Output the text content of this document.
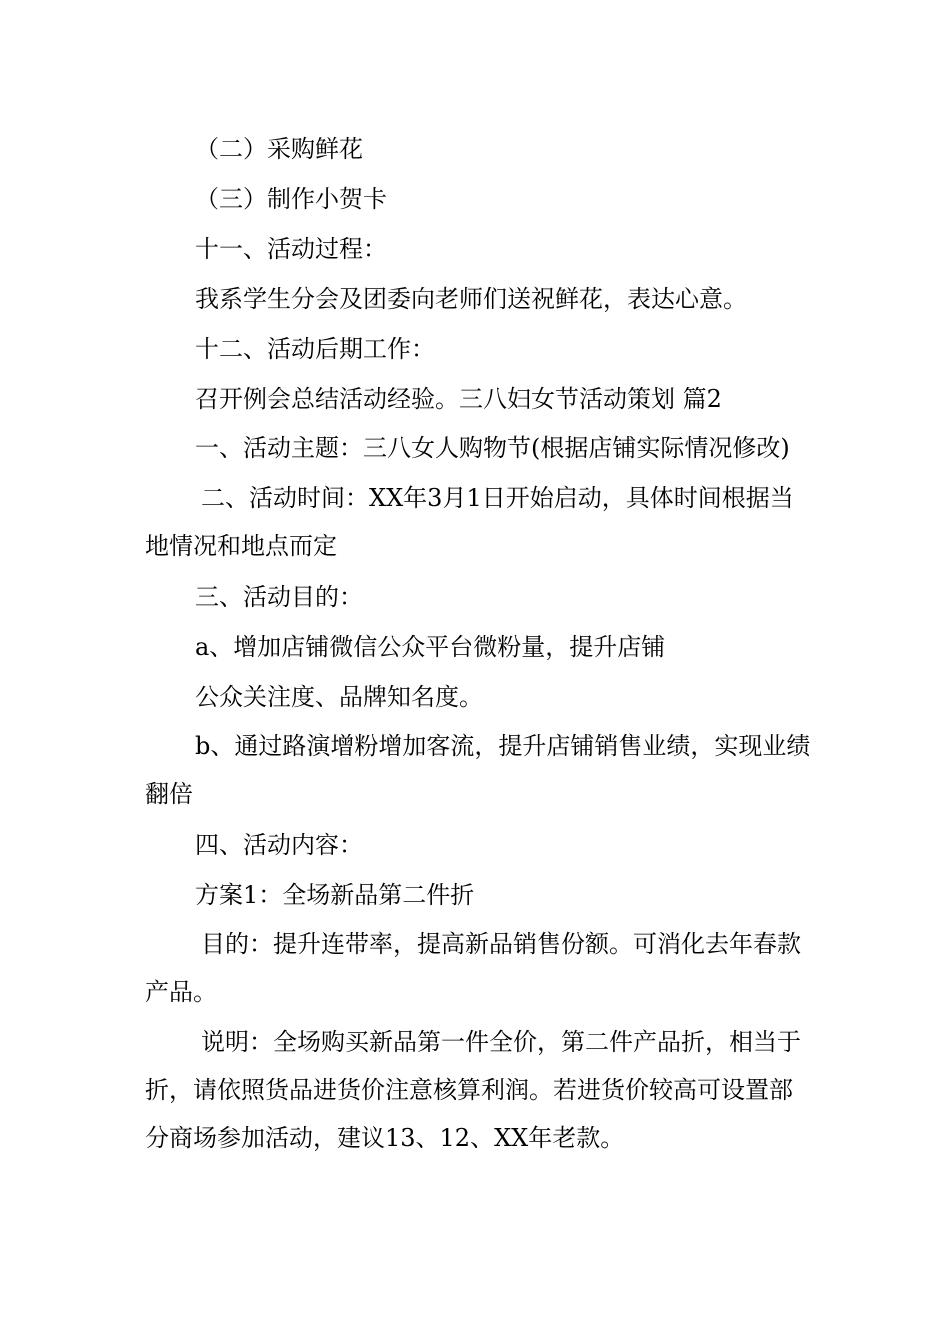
（二）采购鲜花

（三）制作小贺卡

十一、活动过程：

我系学生分会及团委向老师们送祝鲜花，表达心意。

十二、活动后期工作：

召开例会总结活动经验。三八妇女节活动策划 篇2

一、活动主题：三八女人购物节(根据店铺实际情况修改)

二、活动时间：XX年3月1日开始启动，具体时间根据当地情况和地点而定

三、活动目的：

a、增加店铺微信公众平台微粉量，提升店铺

公众关注度、品牌知名度。

b、通过路演增粉增加客流，提升店铺销售业绩，实现业绩翻倍

四、活动内容：

方案1：全场新品第二件折

目的：提升连带率，提高新品销售份额。可消化去年春款产品。

说明：全场购买新品第一件全价，第二件产品折，相当于折，请依照货品进货价注意核算利润。若进货价较高可设置部分商场参加活动，建议13、12、XX年老款。
